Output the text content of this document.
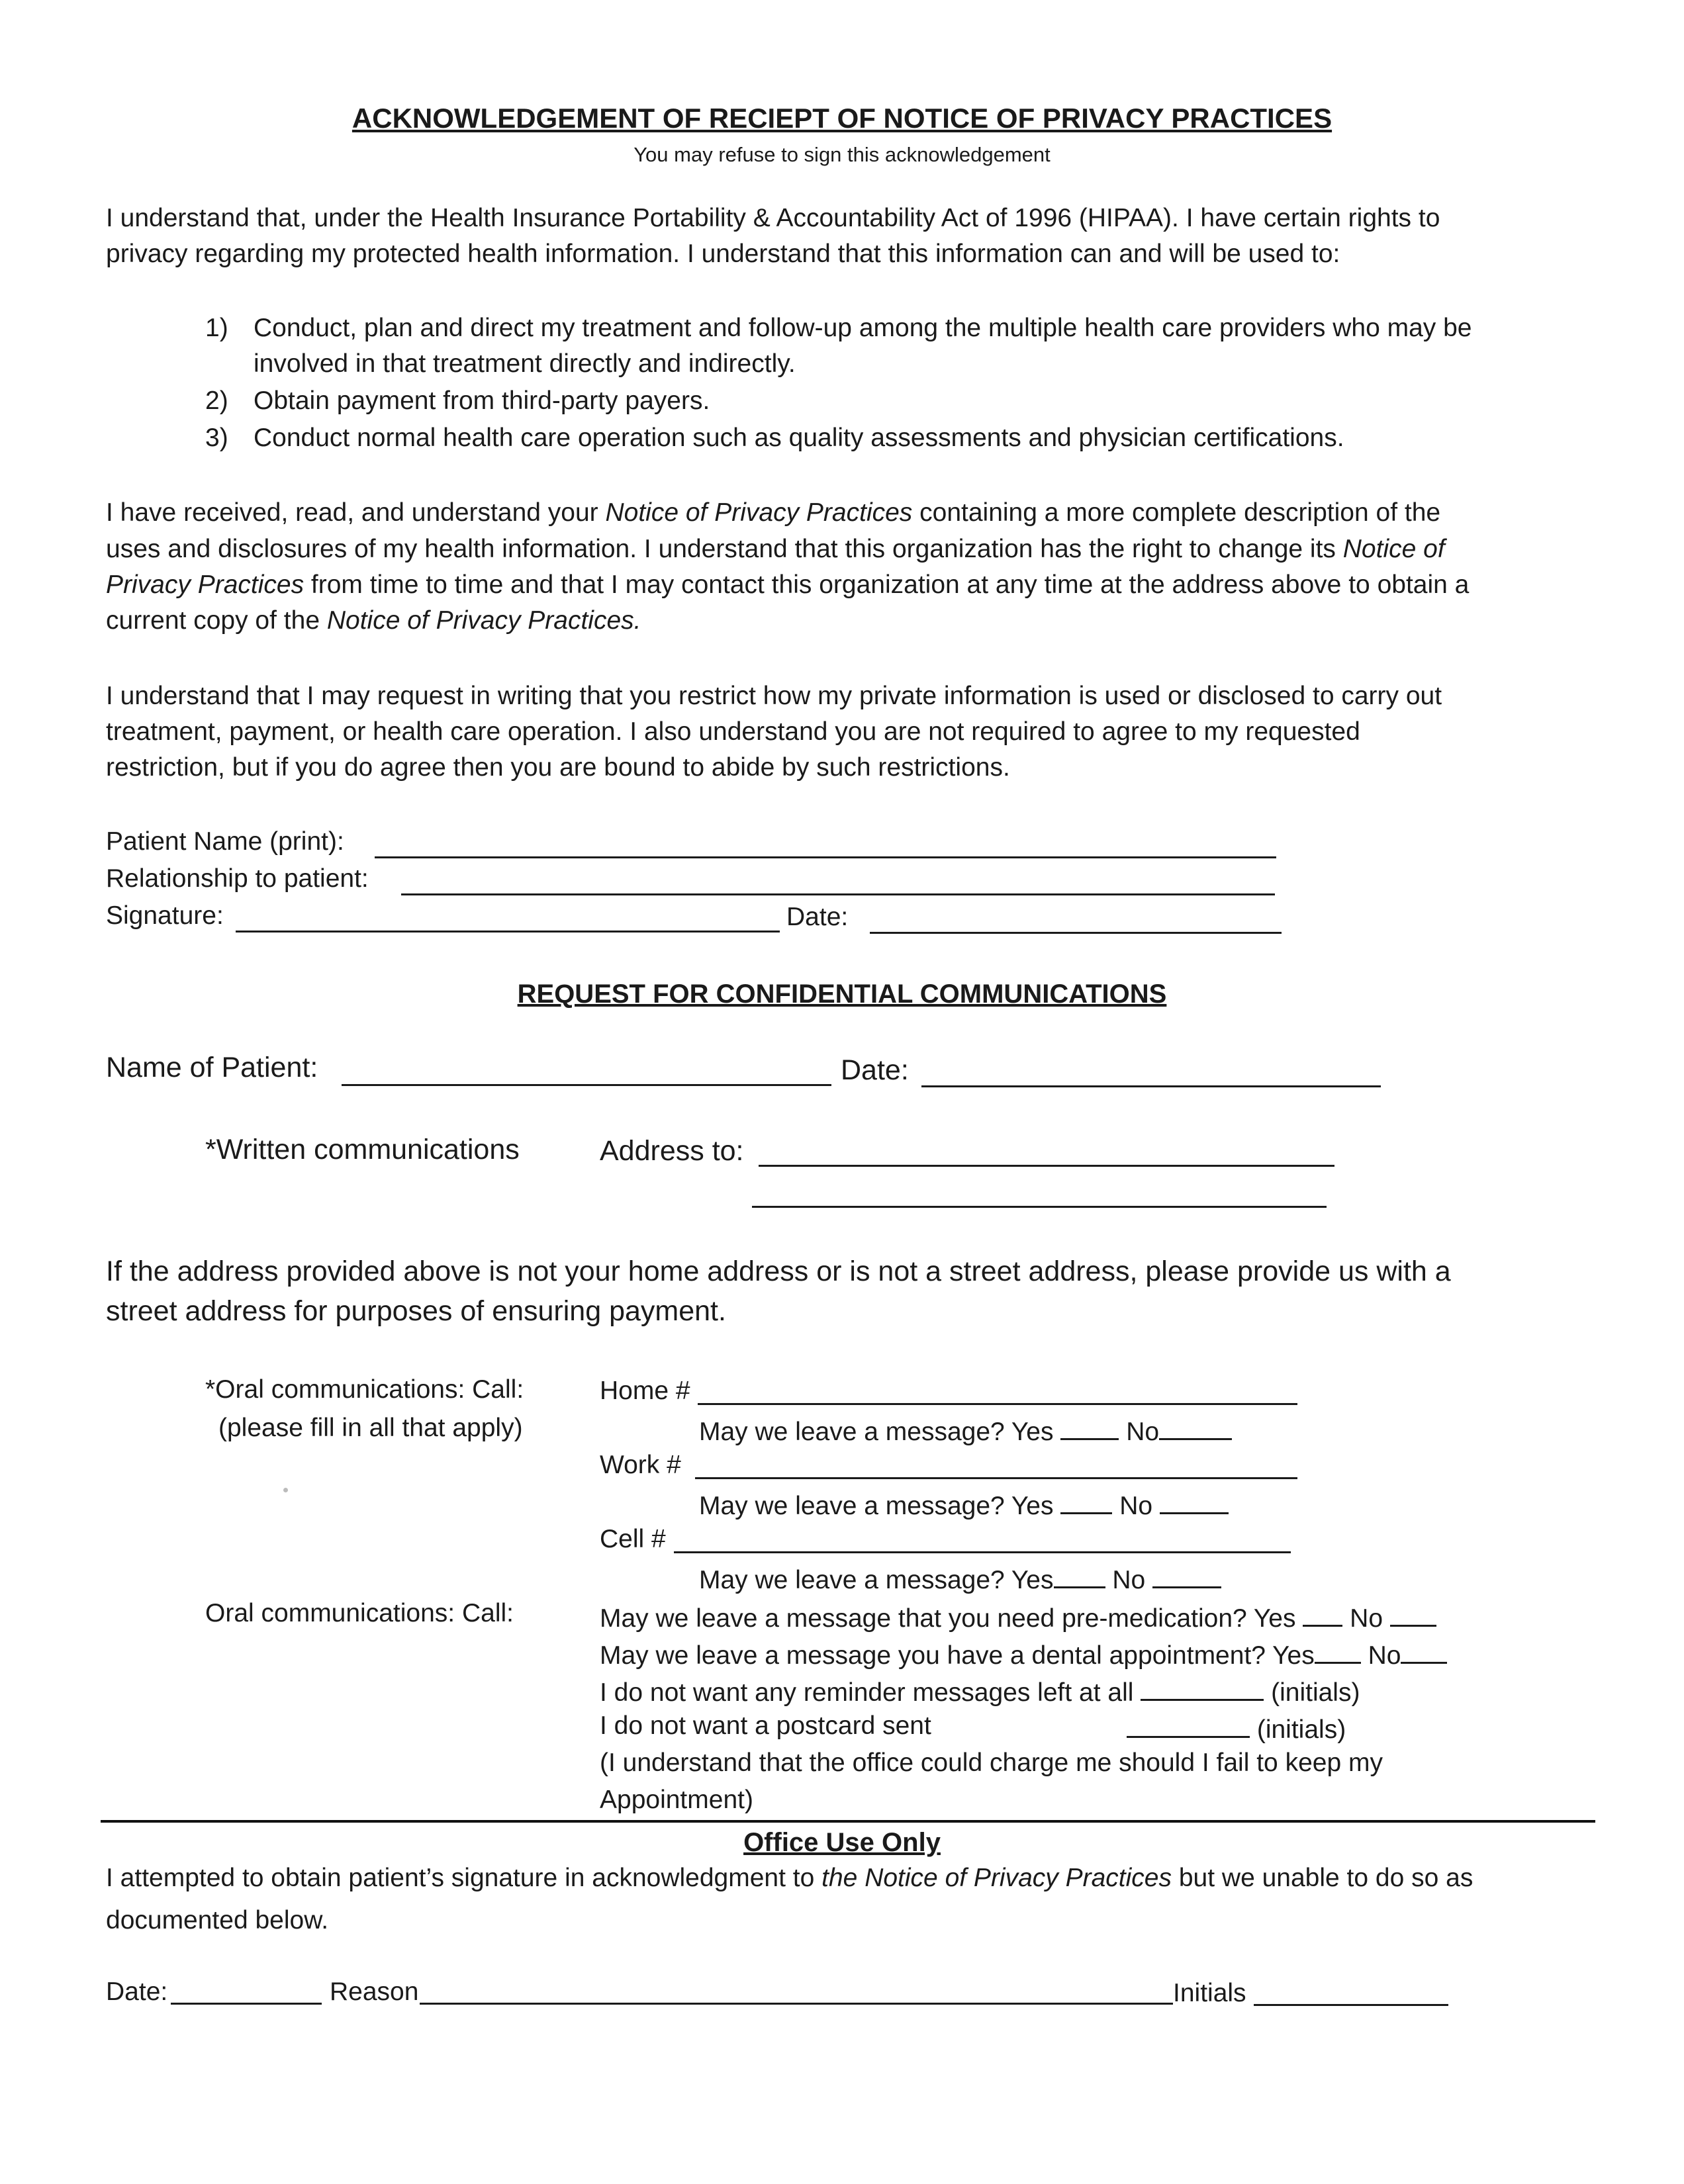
ACKNOWLEDGEMENT OF RECIEPT OF NOTICE OF PRIVACY PRACTICES
You may refuse to sign this acknowledgement
I understand that, under the Health Insurance Portability & Accountability Act of 1996 (HIPAA). I have certain rights to
privacy regarding my protected health information. I understand that this information can and will be used to:
1) Conduct, plan and direct my treatment and follow-up among the multiple health care providers who may be
involved in that treatment directly and indirectly.
2) Obtain payment from third-party payers.
3) Conduct normal health care operation such as quality assessments and physician certifications.
I have received, read, and understand your Notice of Privacy Practices containing a more complete description of the
uses and disclosures of my health information. I understand that this organization has the right to change its Notice of
Privacy Practices from time to time and that I may contact this organization at any time at the address above to obtain a
current copy of the Notice of Privacy Practices.
I understand that I may request in writing that you restrict how my private information is used or disclosed to carry out
treatment, payment, or health care operation. I also understand you are not required to agree to my requested
restriction, but if you do agree then you are bound to abide by such restrictions.
Patient Name (print):
Relationship to patient:
Signature:	Date:
REQUEST FOR CONFIDENTIAL COMMUNICATIONS
Name of Patient:	Date:
*Written communications	Address to:
If the address provided above is not your home address or is not a street address, please provide us with a
street address for purposes of ensuring payment.
*Oral communications: Call:
(please fill in all that apply)
Home #
May we leave a message? Yes	No
Work #
May we leave a message? Yes	No
Cell #
May we leave a message? Yes No
Oral communications: Call:	May we leave a message that you need pre-medication? Yes No
May we leave a message you have a dental appointment? Yes No
I do not want any reminder messages left at all	(initials)
I do not want a postcard sent	(initials)
(I understand that the office could charge me should I fail to keep my
Appointment)
Office Use Only
I attempted to obtain patient’s signature in acknowledgment to the Notice of Privacy Practices but we unable to do so as
documented below.
Date:	Reason	Initials
